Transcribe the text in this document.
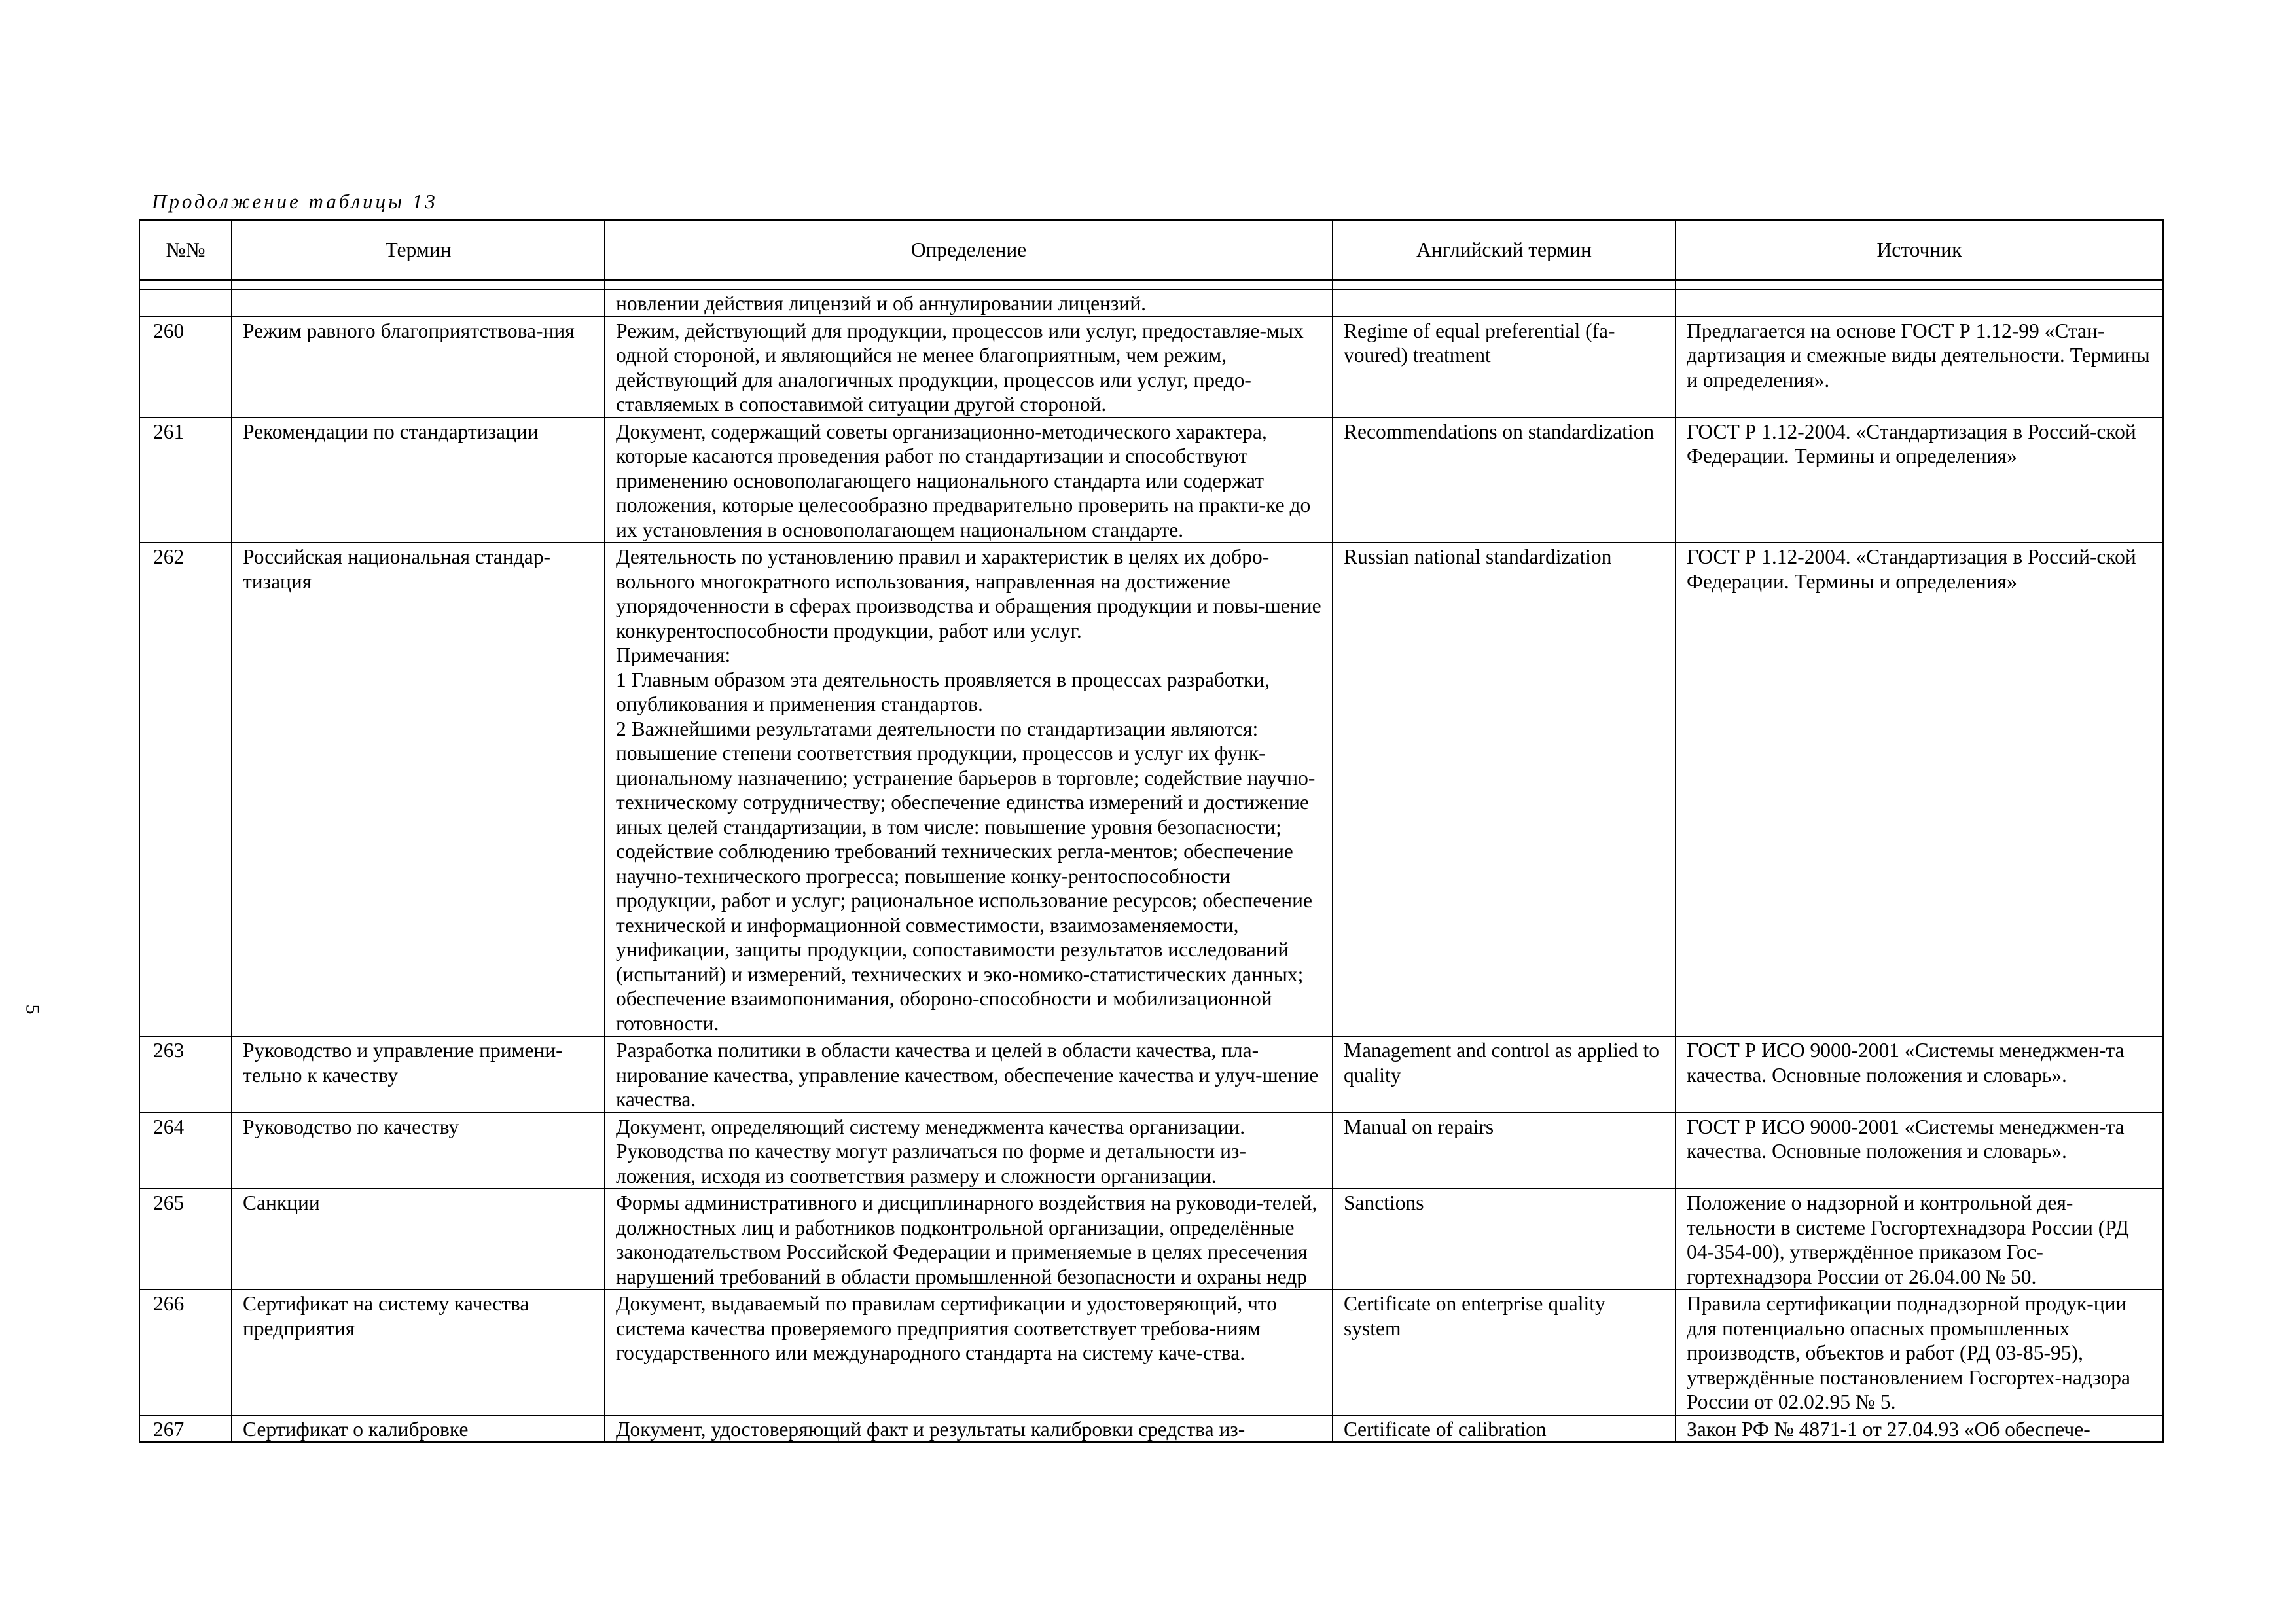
Продолжение таблицы 13
5
№№	Термин	Определение	Английский термин	Источник

		новлении действия лицензий и об аннулировании лицензий.		
260	Режим равного благоприятствова-ния	Режим, действующий для продукции, процессов или услуг, предоставляе-мых одной стороной, и являющийся не менее благоприятным, чем режим, действующий для аналогичных продукции, процессов или услуг, предо-ставляемых в сопоставимой ситуации другой стороной.	Regime of equal preferential (fa-voured) treatment	Предлагается на основе ГОСТ Р 1.12-99 «Стан-дартизация и смежные виды деятельности. Термины и определения».
261	Рекомендации по стандартизации	Документ, содержащий советы организационно-методического характера, которые касаются проведения работ по стандартизации и способствуют применению основополагающего национального стандарта или содержат положения, которые целесообразно предварительно проверить на практи-ке до их установления в основополагающем национальном стандарте.	Recommendations on standardization	ГОСТ Р 1.12-2004. «Стандартизация в Россий-ской Федерации. Термины и определения»
262	Российская национальная стандар-тизация	Деятельность по установлению правил и характеристик в целях их добро-вольного многократного использования, направленная на достижение упорядоченности в сферах производства и обращения продукции и повы-шение конкурентоспособности продукции, работ или услуг.
Примечания:
1 Главным образом эта деятельность проявляется в процессах разработки, опубликования и применения стандартов.
2 Важнейшими результатами деятельности по стандартизации являются: повышение степени соответствия продукции, процессов и услуг их функ-циональному назначению; устранение барьеров в торговле; содействие научно-техническому сотрудничеству; обеспечение единства измерений и достижение иных целей стандартизации, в том числе: повышение уровня безопасности; содействие соблюдению требований технических регла-ментов; обеспечение научно-технического прогресса; повышение конку-рентоспособности продукции, работ и услуг; рациональное использование ресурсов; обеспечение технической и информационной совместимости, взаимозаменяемости, унификации, защиты продукции, сопоставимости результатов исследований (испытаний) и измерений, технических и эко-номико-статистических данных; обеспечение взаимопонимания, обороно-способности и мобилизационной готовности.	Russian national standardization	ГОСТ Р 1.12-2004. «Стандартизация в Россий-ской Федерации. Термины и определения»
263	Руководство и управление примени-тельно к качеству	Разработка политики в области качества и целей в области качества, пла-нирование качества, управление качеством, обеспечение качества и улуч-шение качества.	Management and control as applied to quality	ГОСТ Р ИСО 9000-2001 «Системы менеджмен-та качества. Основные положения и словарь».
264	Руководство по качеству	Документ, определяющий систему менеджмента качества организации. Руководства по качеству могут различаться по форме и детальности из-ложения, исходя из соответствия размеру и сложности организации.	Manual on repairs	ГОСТ Р ИСО 9000-2001 «Системы менеджмен-та качества. Основные положения и словарь».
265	Санкции	Формы административного и дисциплинарного воздействия на руководи-телей, должностных лиц и работников подконтрольной организации, определённые законодательством Российской Федерации и применяемые в целях пресечения нарушений требований в области промышленной безопасности и охраны недр	Sanctions	Положение о надзорной и контрольной дея-тельности в системе Госгортехнадзора России (РД 04-354-00), утверждённое приказом Гос-гортехнадзора России от 26.04.00 № 50.
266	Сертификат на систему качества предприятия	Документ, выдаваемый по правилам сертификации и удостоверяющий, что система качества проверяемого предприятия соответствует требова-ниям государственного или международного стандарта на систему каче-ства.	Certificate on enterprise quality system	Правила сертификации поднадзорной продук-ции для потенциально опасных промышленных производств, объектов и работ (РД 03-85-95), утверждённые постановлением Госгортех-надзора России от 02.02.95 № 5.
267	Сертификат о калибровке	Документ, удостоверяющий факт и результаты калибровки средства из-	Certificate of calibration	Закон РФ № 4871-1 от 27.04.93 «Об обеспече-
